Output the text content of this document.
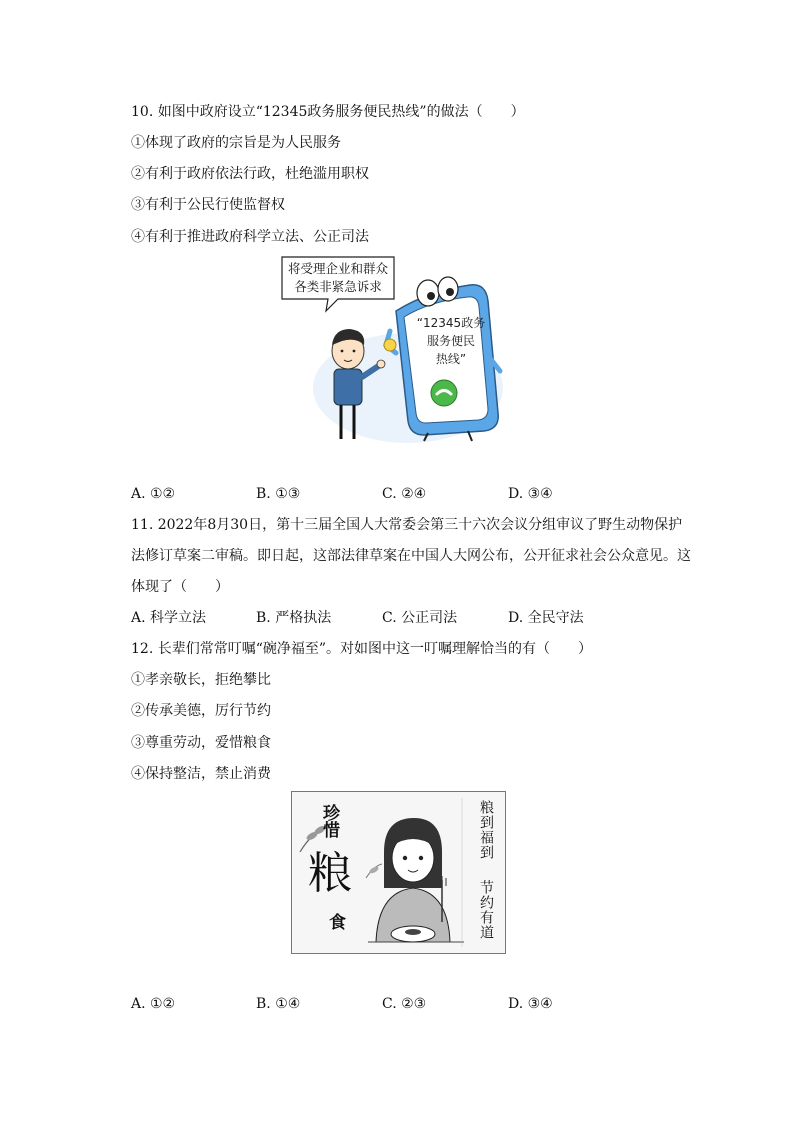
10. 如图中政府设立“12345政务服务便民热线”的做法（　　）
①体现了政府的宗旨是为人民服务
②有利于政府依法行政，杜绝滥用职权
③有利于公民行使监督权
④有利于推进政府科学立法、公正司法
将受理企业和群众
各类非紧急诉求
“12345政务
服务便民
热线”
A. ①②	B. ①③	C. ②④	D. ③④
11. 2022年8月30日，第十三届全国人大常委会第三十六次会议分组审议了野生动物保护法修订草案二审稿。即日起，这部法律草案在中国人大网公布，公开征求社会公众意见。这体现了（　　）
A. 科学立法	B. 严格执法	C. 公正司法	D. 全民守法
12. 长辈们常常叮嘱“碗净福至”。对如图中这一叮嘱理解恰当的有（　　）
①孝亲敬长，拒绝攀比
②传承美德，厉行节约
③尊重劳动，爱惜粮食
④保持整洁，禁止消费
珍惜
粮
食
粮到福到
节约有道
A. ①②	B. ①④	C. ②③	D. ③④
